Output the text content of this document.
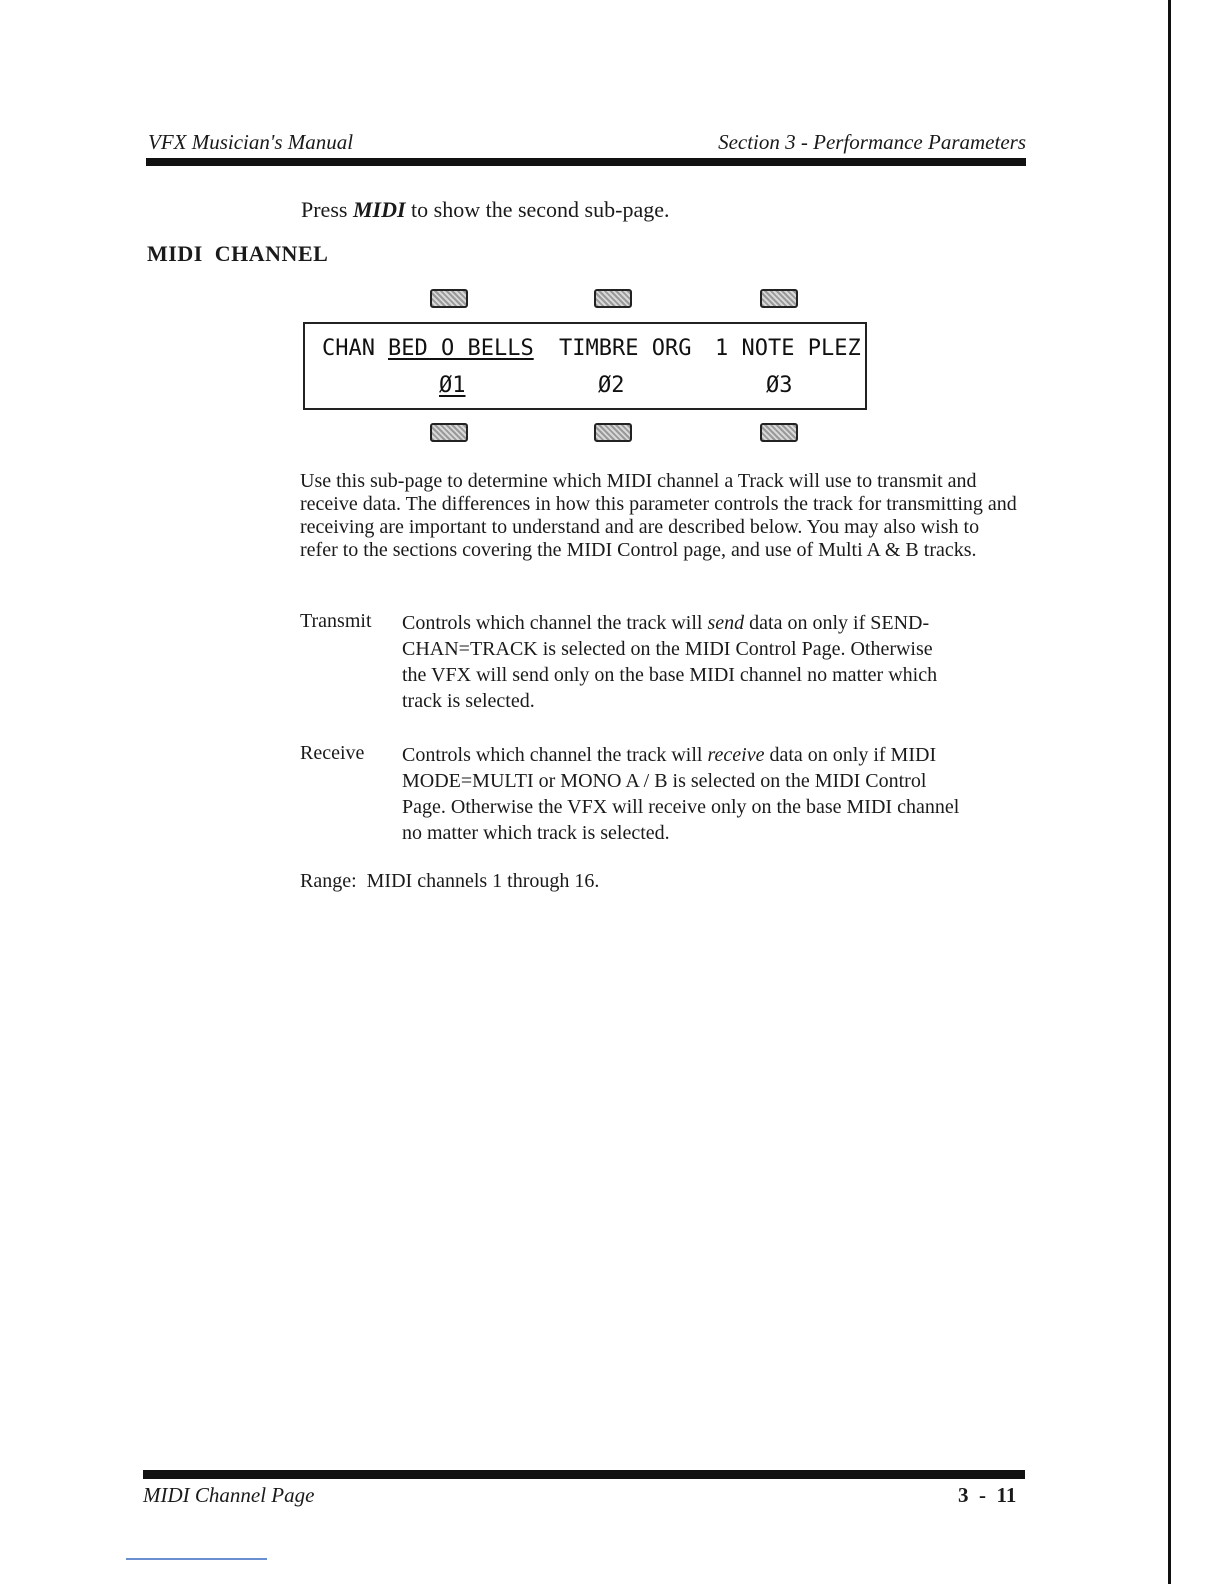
VFX Musician's Manual	Section 3 - Performance Parameters
Press MIDI to show the second sub-page.
MIDI  CHANNEL
CHAN BED O BELLS TIMBRE ORG 1 NOTE PLEZ
Ø1	Ø2	Ø3
Use this sub-page to determine which MIDI channel a Track will use to transmit and receive data. The differences in how this parameter controls the track for transmitting and receiving are important to understand and are described below. You may also wish to refer to the sections covering the MIDI Control page, and use of Multi A & B tracks.
Transmit Controls which channel the track will send data on only if SEND-CHAN=TRACK is selected on the MIDI Control Page. Otherwise the VFX will send only on the base MIDI channel no matter which track is selected.
Receive Controls which channel the track will receive data on only if MIDI MODE=MULTI or MONO A / B is selected on the MIDI Control Page. Otherwise the VFX will receive only on the base MIDI channel no matter which track is selected.
Range:  MIDI channels 1 through 16.
MIDI Channel Page	3  -  11
